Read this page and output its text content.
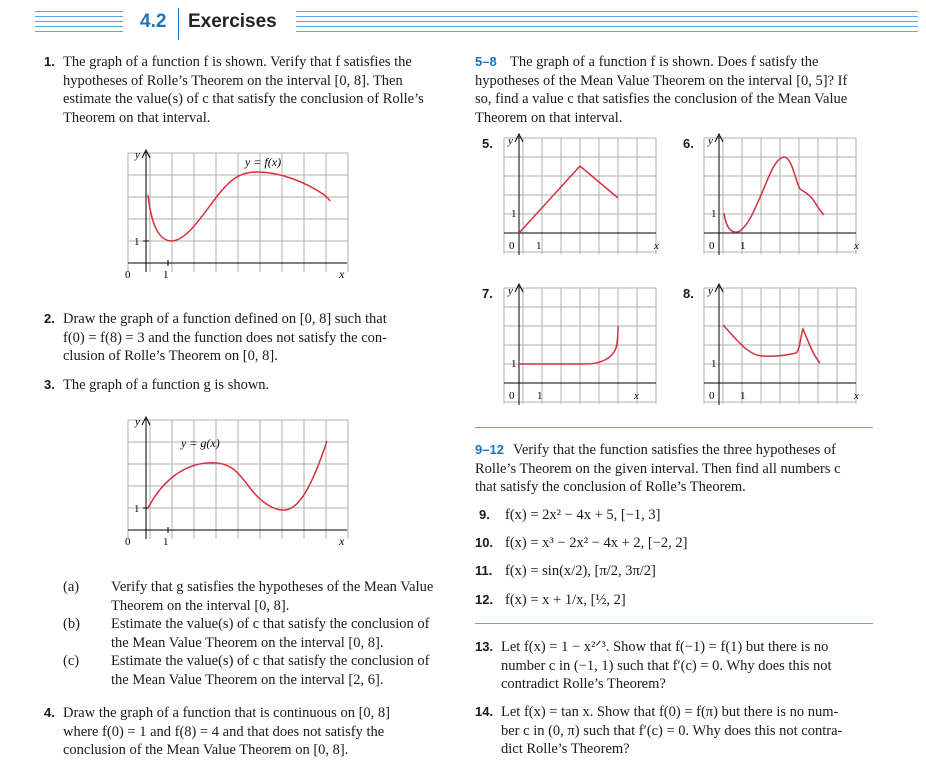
4.2 Exercises
1. The graph of a function f is shown. Verify that f satisfies the
hypotheses of Rolle’s Theorem on the interval [0, 8]. Then
estimate the value(s) of c that satisfy the conclusion of Rolle’s
Theorem on that interval.
y
x
1
0	1
y = f(x)
2. Draw the graph of a function defined on [0, 8] such that
f(0) = f(8) = 3 and the function does not satisfy the con-
clusion of Rolle’s Theorem on [0, 8].
3. The graph of a function g is shown.
y
x
1
0	1
y = g(x)
(a)	Verify that g satisfies the hypotheses of the Mean Value
Theorem on the interval [0, 8].
(b)	Estimate the value(s) of c that satisfy the conclusion of
the Mean Value Theorem on the interval [0, 8].
(c)	Estimate the value(s) of c that satisfy the conclusion of
the Mean Value Theorem on the interval [2, 6].
4. Draw the graph of a function that is continuous on [0, 8]
where f(0) = 1 and f(8) = 4 and that does not satisfy the
conclusion of the Mean Value Theorem on [0, 8].
5–8 The graph of a function f is shown. Does f satisfy the
hypotheses of the Mean Value Theorem on the interval [0, 5]? If
so, find a value c that satisfies the conclusion of the Mean Value
Theorem on that interval.
5. y
x
1
0 1
6. y
x
1
0 1
7. y
x
1
0 1
8. y
x
1
0 1
9–12 Verify that the function satisfies the three hypotheses of
Rolle’s Theorem on the given interval. Then find all numbers c
that satisfy the conclusion of Rolle’s Theorem.
9. f(x) = 2x² − 4x + 5, [−1, 3]
10. f(x) = x³ − 2x² − 4x + 2, [−2, 2]
11. f(x) = sin(x/2), [π/2, 3π/2]
12. f(x) = x + 1/x, [½, 2]
13. Let f(x) = 1 − x²ᐟ³. Show that f(−1) = f(1) but there is no
number c in (−1, 1) such that f′(c) = 0. Why does this not
contradict Rolle’s Theorem?
14. Let f(x) = tan x. Show that f(0) = f(π) but there is no num-
ber c in (0, π) such that f′(c) = 0. Why does this not contra-
dict Rolle’s Theorem?
